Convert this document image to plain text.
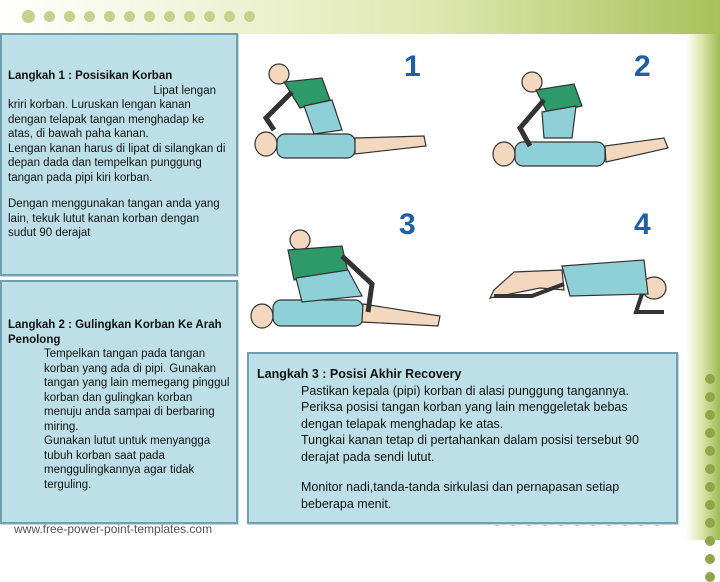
Langkah 1 : Posisikan Korban
Lipat lengan
kriri korban. Luruskan lengan kanan dengan telapak tangan menghadap ke atas, di bawah paha kanan.
Lengan kanan harus di lipat di silangkan di depan dada dan tempelkan punggung tangan pada pipi kiri korban.
Dengan menggunakan tangan anda yang lain, tekuk lutut kanan korban dengan sudut 90 derajat
Langkah 2 : Gulingkan Korban Ke Arah Penolong
Tempelkan tangan pada tangan korban yang ada di pipi. Gunakan tangan yang lain memegang pinggul korban dan gulingkan korban menuju anda sampai di berbaring miring.
Gunakan lutut untuk menyangga tubuh korban saat pada menggulingkannya agar tidak terguling.
Langkah 3 : Posisi Akhir Recovery
Pastikan kepala (pipi) korban di alasi punggung tangannya. Periksa posisi tangan korban yang lain menggeletak bebas dengan telapak menghadap ke atas.
Tungkai kanan tetap di pertahankan dalam posisi tersebut 90 derajat pada sendi lutut.
Monitor nadi,tanda-tanda sirkulasi dan pernapasan setiap beberapa menit.
1	2
3	4
www.free-power-point-templates.com
